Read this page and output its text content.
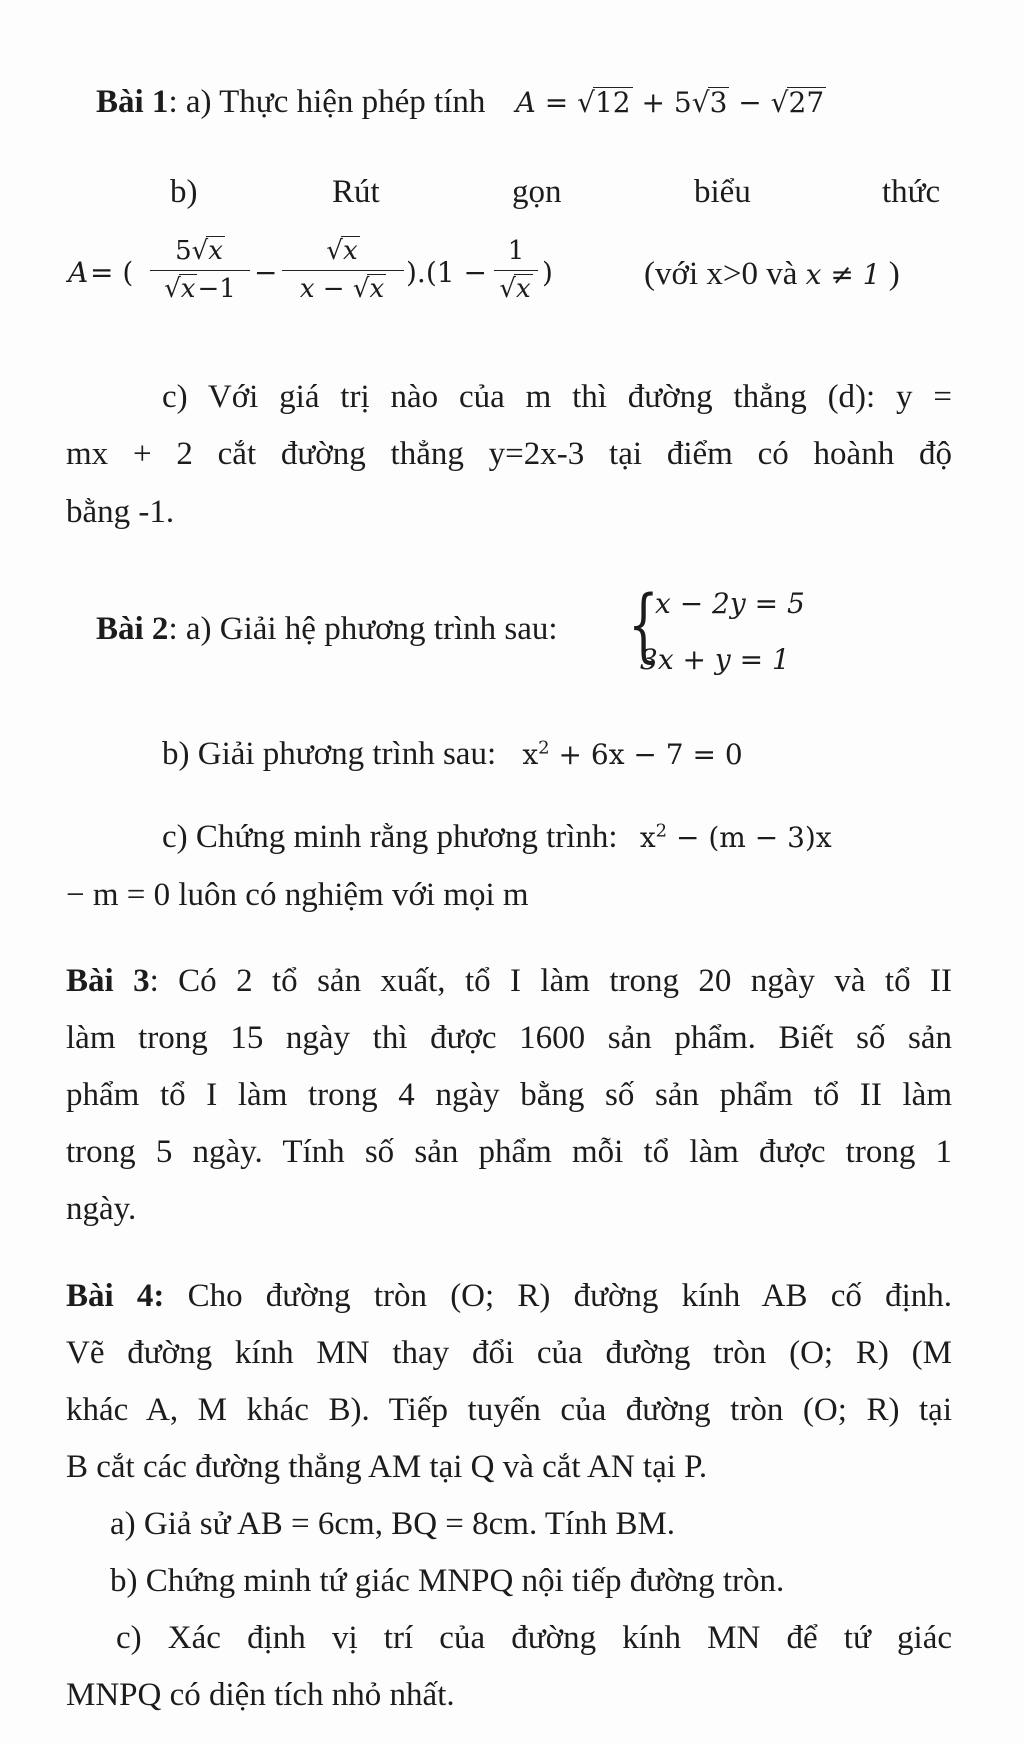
Bài 1: a) Thực hiện phép tính A = √12 + 5√3 − √27
b)	Rút	gọn	biểu	thức
A = ( $\frac{5√x}{√x-1} - \frac{√x}{x - √x} ).(1 - \frac{1}{√x}$ )	(với x>0 và x ≠ 1 )
c) Với giá trị nào của m thì đường thẳng (d): y =
mx + 2 cắt đường thẳng y=2x-3 tại điểm có hoành độ
bằng -1.
Bài 2: a) Giải hệ phương trình sau: {
x − 2y = 5
3x + y = 1
b) Giải phương trình sau: $x^2 + 6x - 7 = 0$
c) Chứng minh rằng phương trình: $x^2 - (m - 3)x$
− m = 0 luôn có nghiệm với mọi m
Bài 3: Có 2 tổ sản xuất, tổ I làm trong 20 ngày và tổ II
làm trong 15 ngày thì được 1600 sản phẩm. Biết số sản
phẩm tổ I làm trong 4 ngày bằng số sản phẩm tổ II làm
trong 5 ngày. Tính số sản phẩm mỗi tổ làm được trong 1
ngày.
Bài 4: Cho đường tròn (O; R) đường kính AB cố định.
Vẽ đường kính MN thay đổi của đường tròn (O; R) (M
khác A, M khác B). Tiếp tuyến của đường tròn (O; R) tại
B cắt các đường thẳng AM tại Q và cắt AN tại P.
a) Giả sử AB = 6cm, BQ = 8cm. Tính BM.
b) Chứng minh tứ giác MNPQ nội tiếp đường tròn.
c) Xác định vị trí của đường kính MN để tứ giác
MNPQ có diện tích nhỏ nhất.
